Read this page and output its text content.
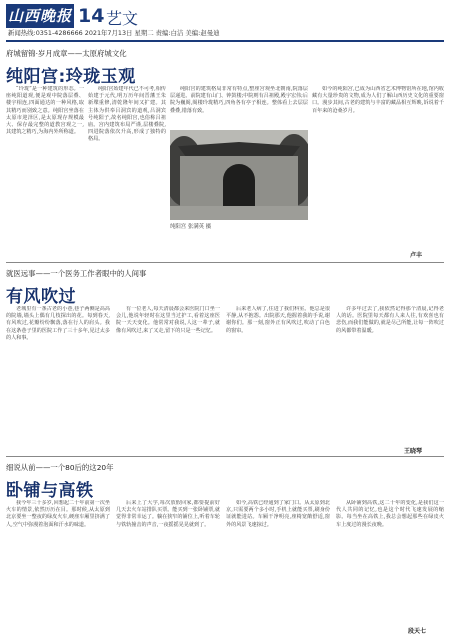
山西晚报 14 艺文
新闻热线:0351-4286666 2021年7月13日 星期二 责编:白洁 美编:赵曼迪
府城留锦·岁月成章——太原府城文化
纯阳宫:玲珑玉观
“玲珑”是一种建筑的形态。一座纯阳道观,便是观中院落层叠、楼宇相连,四面通达的一种风格,取其精巧而别致之意。纯阳宫坐落在太原市迎泽区,是太原现存规模最大、保存最完整的道教宫观之一,其建筑之精巧,为海内外所称道。
纯阳宫始建年代已不可考,相传始建于元代,明万历年间晋藩王朱新堞重修,清乾隆年间又扩建。其主体为供奉吕洞宾的道观,吕洞宾号纯阳子,故名纯阳宫,也俗称吕祖庙。宫内建筑布局严谨,层楼叠院,四进院落依次升高,形成了独特的格局。
纯阳宫的建筑格局非常有特点,整座宫观坐北朝南,院落层层递进。前院建有山门、钟鼓楼;中院则有吕祖殿,殿宇宏伟;后院为巍阁,阁楼玲珑精巧,四角各有亭子相连。整体看上去层层叠叠,错落有致。
纯阳宫 张满英 摄
如今的纯阳宫,已成为山西省艺术博物馆所在地,馆内收藏有大量珍贵的文物,成为人们了解山西历史文化的重要窗口。漫步其间,古老的建筑与丰富的藏品相互辉映,诉说着千百年来的沧桑岁月。
卢丰
就医远事——一个医务工作者眼中的人间事
有风吹过
老城里有一条古老的小巷,巷子两侧是高高的院墙,墙头上偶有几枝探出的花。每到春天,有风吹过,花瓣纷纷飘落,落在行人的肩头。我在这条巷子里的医院工作了三十多年,见过太多的人和事。
有一位老人,每天清晨都会来医院门口坐一会儿,他说年轻时在这里当过护工,看着这座医院一天天变化。他常常对我说,人这一辈子,就像有风吹过,来了又走,留下的只是一些记忆。
后来老人病了,住进了我们科室。他总是很平静,从不抱怨。出院那天,他握着我的手说,谢谢你们。那一刻,窗外正有风吹过,吹动了白色的窗帘。
许多年过去了,我依然记得那个清晨,记得老人的话。医院里每天都有人来人往,有欢喜也有悲伤,而我们能做的,就是尽己所能,让每一阵吹过的风都带着温暖。
王晓琴
细说从前——一个80后的这20年
卧铺与高铁
我今年三十多岁,回想起二十年前第一次坐火车的情景,依然历历在目。那时候,从太原到北京要坐一整夜的绿皮火车,硬座车厢里挤满了人,空气中弥漫着泡面和汗水的味道。
后来上了大学,每次放假回家,都要提前好几天去火车站排队买票。能买到一张卧铺票,就觉得非常幸运了。躺在狭窄的铺位上,听着车轮与铁轨撞击的声音,一夜摇摇晃晃就到了。
如今,高铁已经通到了家门口。从太原到北京,只需要两个多小时,手机上就能买票,刷身份证就能进站。车厢干净明亮,座椅宽敞舒适,窗外的风景飞速掠过。
从卧铺到高铁,这二十年的变化,是我们这一代人共同的记忆,也是这个时代飞速发展的缩影。每当坐在高铁上,我总会想起那些在绿皮火车上度过的漫长夜晚。
段天七
